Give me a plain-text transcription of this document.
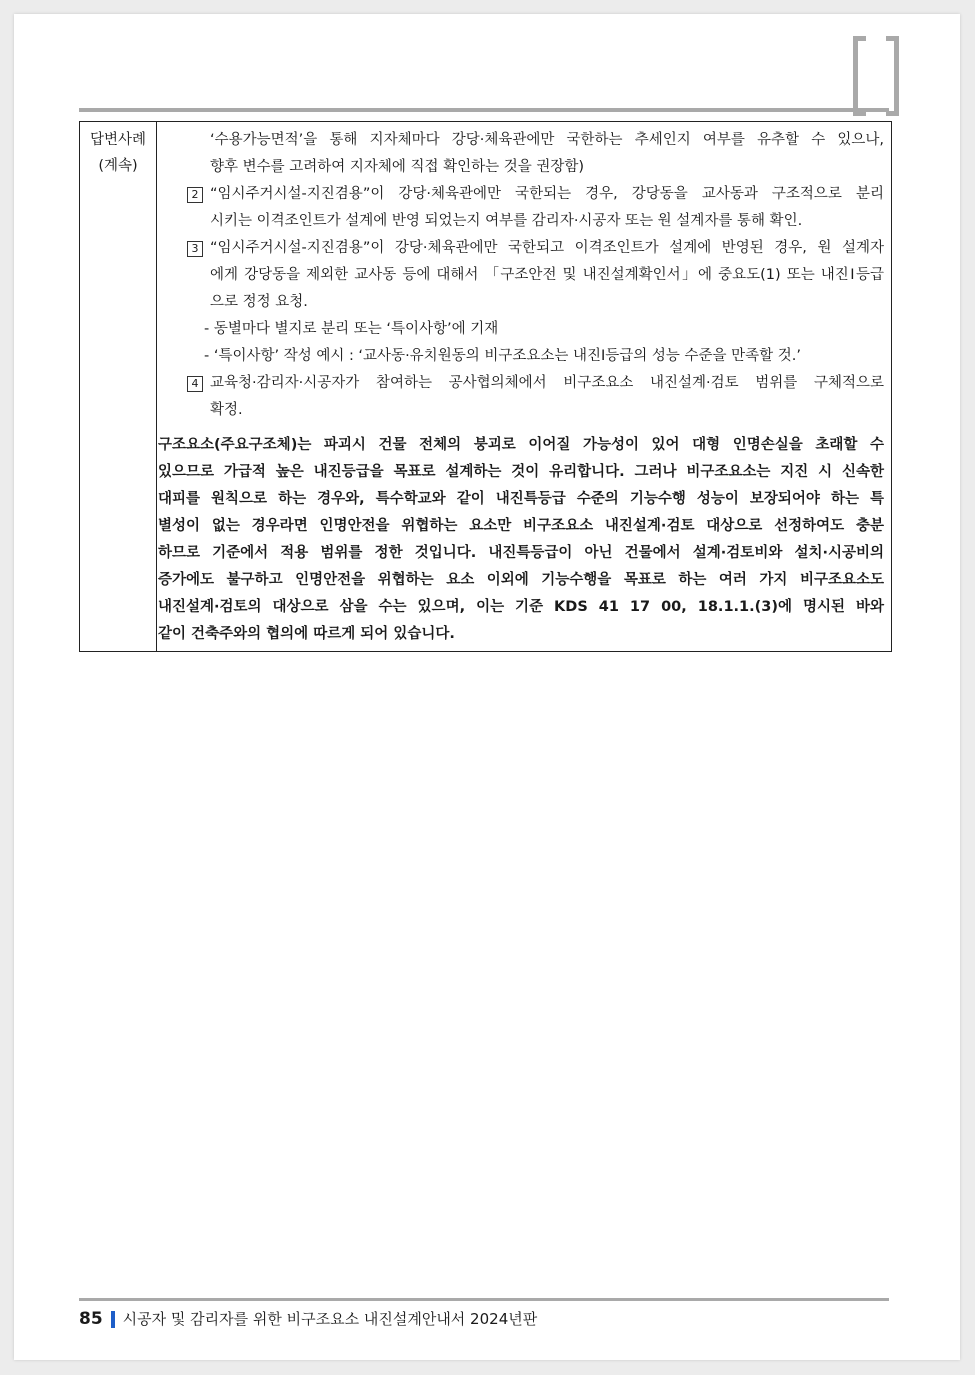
답변사례
(계속)
‘수용가능면적’을 통해 지자체마다 강당·체육관에만 국한하는 추세인지 여부를 유추할 수 있으나,
향후 변수를 고려하여 지자체에 직접 확인하는 것을 권장함)
2 “임시주거시설-지진겸용”이 강당·체육관에만 국한되는 경우, 강당동을 교사동과 구조적으로 분리
시키는 이격조인트가 설계에 반영 되었는지 여부를 감리자·시공자 또는 원 설계자를 통해 확인.
3 “임시주거시설-지진겸용”이 강당·체육관에만 국한되고 이격조인트가 설계에 반영된 경우, 원 설계자
에게 강당동을 제외한 교사동 등에 대해서 「구조안전 및 내진설계확인서」에 중요도(1) 또는 내진Ⅰ등급
으로 정정 요청.
- 동별마다 별지로 분리 또는 ‘특이사항’에 기재
- ‘특이사항’ 작성 예시 : ‘교사동·유치원동의 비구조요소는 내진Ⅰ등급의 성능 수준을 만족할 것.’
4 교육청·감리자·시공자가 참여하는 공사협의체에서 비구조요소 내진설계·검토 범위를 구체적으로
확정.
구조요소(주요구조체)는 파괴시 건물 전체의 붕괴로 이어질 가능성이 있어 대형 인명손실을 초래할 수
있으므로 가급적 높은 내진등급을 목표로 설계하는 것이 유리합니다. 그러나 비구조요소는 지진 시 신속한
대피를 원칙으로 하는 경우와, 특수학교와 같이 내진특등급 수준의 기능수행 성능이 보장되어야 하는 특
별성이 없는 경우라면 인명안전을 위협하는 요소만 비구조요소 내진설계·검토 대상으로 선정하여도 충분
하므로 기준에서 적용 범위를 정한 것입니다. 내진특등급이 아닌 건물에서 설계·검토비와 설치·시공비의
증가에도 불구하고 인명안전을 위협하는 요소 이외에 기능수행을 목표로 하는 여러 가지 비구조요소도
내진설계·검토의 대상으로 삼을 수는 있으며, 이는 기준 KDS 41 17 00, 18.1.1.(3)에 명시된 바와
같이 건축주와의 협의에 따르게 되어 있습니다.
85 시공자 및 감리자를 위한 비구조요소 내진설계안내서 2024년판
